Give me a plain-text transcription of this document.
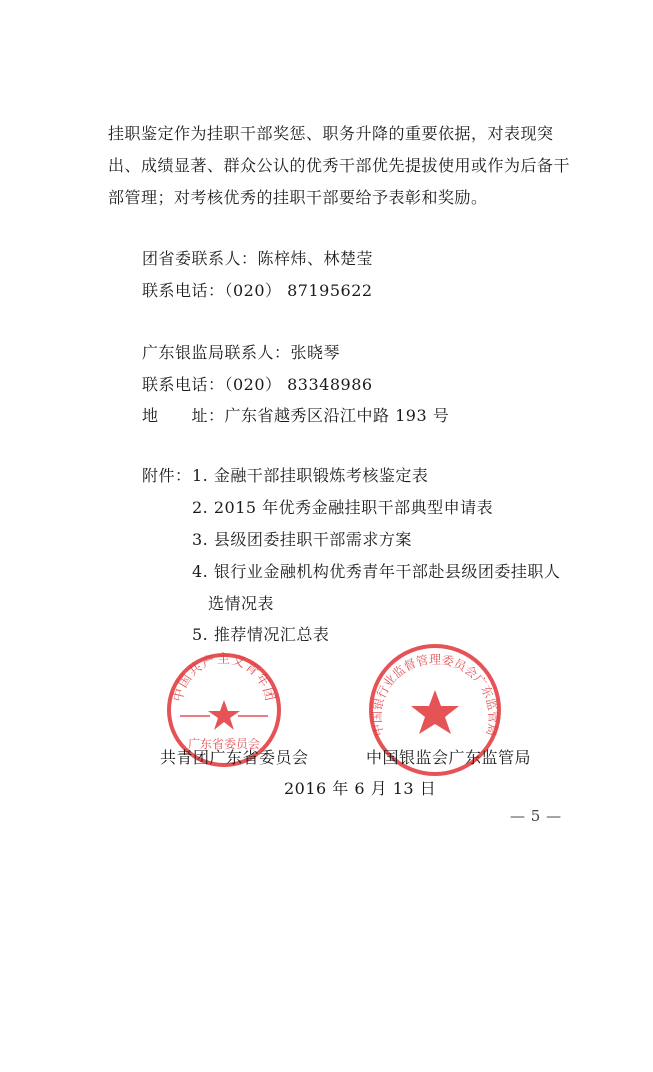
挂职鉴定作为挂职干部奖惩、职务升降的重要依据，对表现突
出、成绩显著、群众公认的优秀干部优先提拔使用或作为后备干
部管理；对考核优秀的挂职干部要给予表彰和奖励。
团省委联系人：陈梓炜、林楚莹
联系电话：（020） 87195622
广东银监局联系人：张晓琴
联系电话：（020） 83348986
地　　址：广东省越秀区沿江中路 193 号
附件： 1. 金融干部挂职锻炼考核鉴定表
2. 2015 年优秀金融挂职干部典型申请表
3. 县级团委挂职干部需求方案
4. 银行业金融机构优秀青年干部赴县级团委挂职人
选情况表
5. 推荐情况汇总表
中国共产主义青年团
广东省委员会
中国银行业监督管理委员会广东监管局
共青团广东省委员会	中国银监会广东监管局
2016 年 6 月 13 日
— 5 —
